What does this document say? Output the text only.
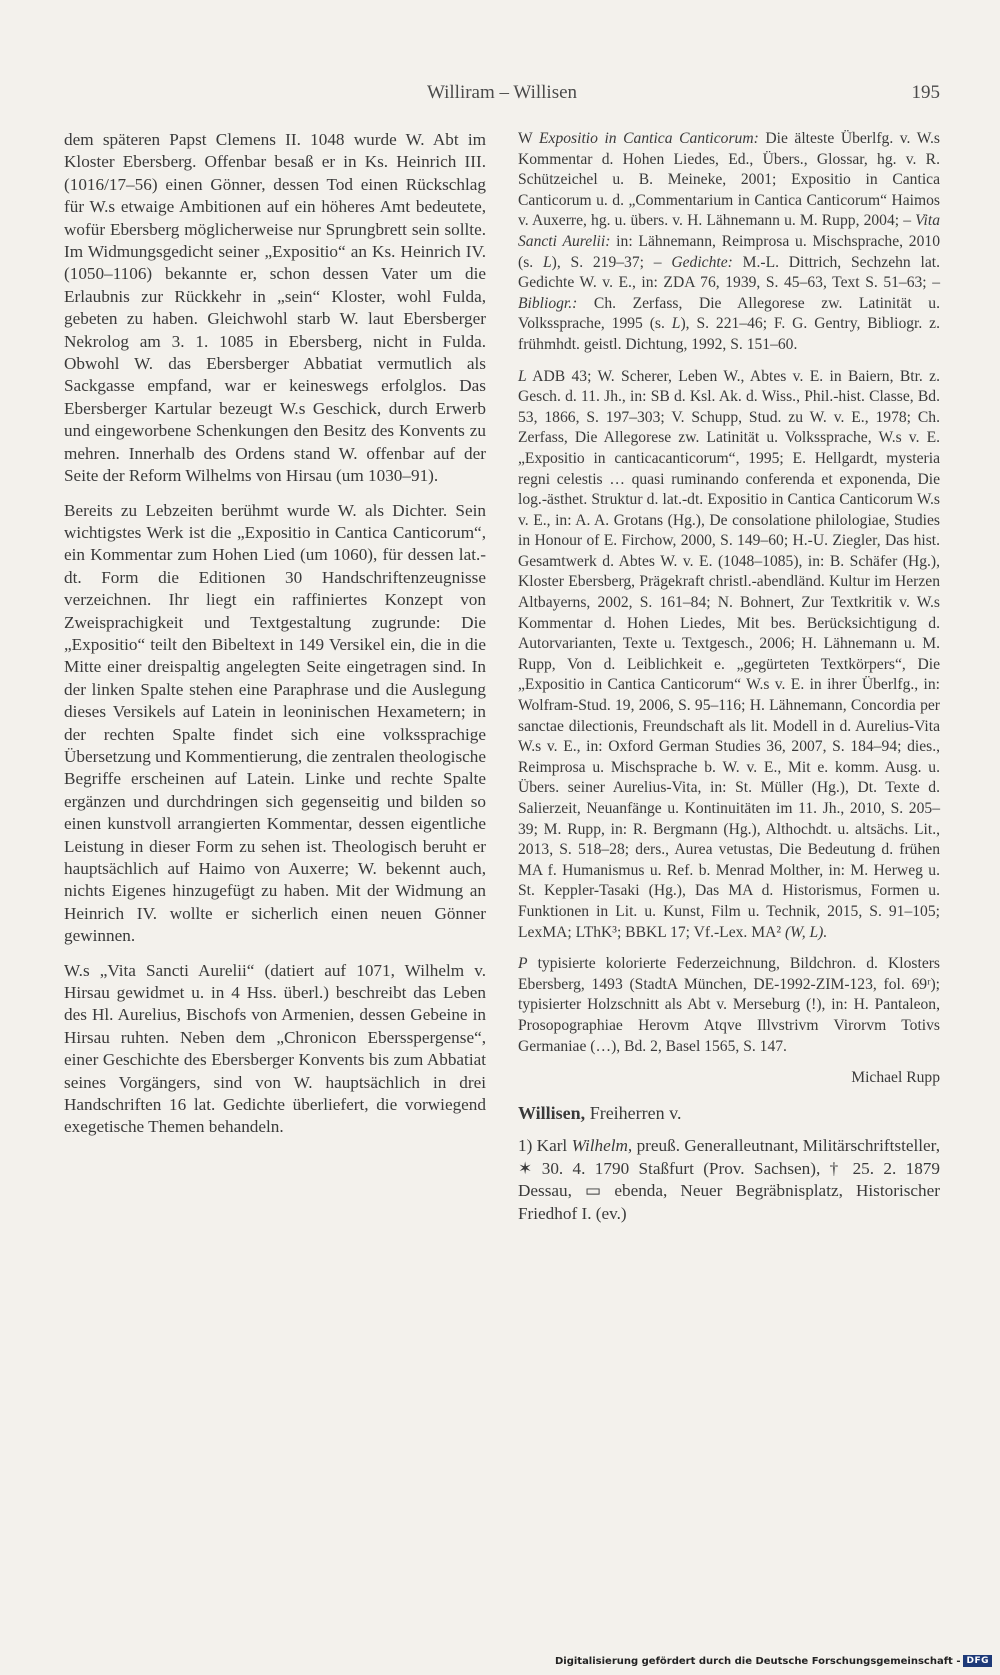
Williram – Willisen	195

dem späteren Papst Clemens II. 1048 wurde W. Abt im Kloster Ebersberg. Offenbar besaß er in Ks. Heinrich III. (1016/17–56) einen Gönner, dessen Tod einen Rückschlag für W.s etwaige Ambitionen auf ein höheres Amt bedeutete, wofür Ebersberg möglicherweise nur Sprungbrett sein sollte. Im Widmungsgedicht seiner „Expositio“ an Ks. Heinrich IV. (1050–1106) bekannte er, schon dessen Vater um die Erlaubnis zur Rückkehr in „sein“ Kloster, wohl Fulda, gebeten zu haben. Gleichwohl starb W. laut Ebersberger Nekrolog am 3. 1. 1085 in Ebersberg, nicht in Fulda. Obwohl W. das Ebersberger Abbatiat vermutlich als Sackgasse empfand, war er keineswegs erfolglos. Das Ebersberger Kartular bezeugt W.s Geschick, durch Erwerb und eingeworbene Schenkungen den Besitz des Konvents zu mehren. Innerhalb des Ordens stand W. offenbar auf der Seite der Reform Wilhelms von Hirsau (um 1030–91).

Bereits zu Lebzeiten berühmt wurde W. als Dichter. Sein wichtigstes Werk ist die „Expositio in Cantica Canticorum“, ein Kommentar zum Hohen Lied (um 1060), für dessen lat.-dt. Form die Editionen 30 Handschriftenzeugnisse verzeichnen. Ihr liegt ein raffiniertes Konzept von Zweisprachigkeit und Textgestaltung zugrunde: Die „Expositio“ teilt den Bibeltext in 149 Versikel ein, die in die Mitte einer dreispaltig angelegten Seite eingetragen sind. In der linken Spalte stehen eine Paraphrase und die Auslegung dieses Versikels auf Latein in leoninischen Hexametern; in der rechten Spalte findet sich eine volkssprachige Übersetzung und Kommentierung, die zentralen theologische Begriffe erscheinen auf Latein. Linke und rechte Spalte ergänzen und durchdringen sich gegenseitig und bilden so einen kunstvoll arrangierten Kommentar, dessen eigentliche Leistung in dieser Form zu sehen ist. Theologisch beruht er hauptsächlich auf Haimo von Auxerre; W. bekennt auch, nichts Eigenes hinzugefügt zu haben. Mit der Widmung an Heinrich IV. wollte er sicherlich einen neuen Gönner gewinnen.

W.s „Vita Sancti Aurelii“ (datiert auf 1071, Wilhelm v. Hirsau gewidmet u. in 4 Hss. überl.) beschreibt das Leben des Hl. Aurelius, Bischofs von Armenien, dessen Gebeine in Hirsau ruhten. Neben dem „Chronicon Ebersspergense“, einer Geschichte des Ebersberger Konvents bis zum Abbatiat seines Vorgängers, sind von W. hauptsächlich in drei Handschriften 16 lat. Gedichte überliefert, die vorwiegend exegetische Themen behandeln.

W Expositio in Cantica Canticorum: Die älteste Überlfg. v. W.s Kommentar d. Hohen Liedes, Ed., Übers., Glossar, hg. v. R. Schützeichel u. B. Meineke, 2001; Expositio in Cantica Canticorum u. d. „Commentarium in Cantica Canticorum“ Haimos v. Auxerre, hg. u. übers. v. H. Lähnemann u. M. Rupp, 2004; – Vita Sancti Aurelii: in: Lähnemann, Reimprosa u. Mischsprache, 2010 (s. L), S. 219–37; – Gedichte: M.-L. Dittrich, Sechzehn lat. Gedichte W. v. E., in: ZDA 76, 1939, S. 45–63, Text S. 51–63; – Bibliogr.: Ch. Zerfass, Die Allegorese zw. Latinität u. Volkssprache, 1995 (s. L), S. 221–46; F. G. Gentry, Bibliogr. z. frühmhdt. geistl. Dichtung, 1992, S. 151–60.

L ADB 43; W. Scherer, Leben W., Abtes v. E. in Baiern, Btr. z. Gesch. d. 11. Jh., in: SB d. Ksl. Ak. d. Wiss., Phil.-hist. Classe, Bd. 53, 1866, S. 197–303; V. Schupp, Stud. zu W. v. E., 1978; Ch. Zerfass, Die Allegorese zw. Latinität u. Volkssprache, W.s v. E. „Expositio in canticacanticorum“, 1995; E. Hellgardt, mysteria regni celestis … quasi ruminando conferenda et exponenda, Die log.-ästhet. Struktur d. lat.-dt. Expositio in Cantica Canticorum W.s v. E., in: A. A. Grotans (Hg.), De consolatione philologiae, Studies in Honour of E. Firchow, 2000, S. 149–60; H.-U. Ziegler, Das hist. Gesamtwerk d. Abtes W. v. E. (1048–1085), in: B. Schäfer (Hg.), Kloster Ebersberg, Prägekraft christl.-abendländ. Kultur im Herzen Altbayerns, 2002, S. 161–84; N. Bohnert, Zur Textkritik v. W.s Kommentar d. Hohen Liedes, Mit bes. Berücksichtigung d. Autorvarianten, Texte u. Textgesch., 2006; H. Lähnemann u. M. Rupp, Von d. Leiblichkeit e. „gegürteten Textkörpers“, Die „Expositio in Cantica Canticorum“ W.s v. E. in ihrer Überlfg., in: Wolfram-Stud. 19, 2006, S. 95–116; H. Lähnemann, Concordia per sanctae dilectionis, Freundschaft als lit. Modell in d. Aurelius-Vita W.s v. E., in: Oxford German Studies 36, 2007, S. 184–94; dies., Reimprosa u. Mischsprache b. W. v. E., Mit e. komm. Ausg. u. Übers. seiner Aurelius-Vita, in: St. Müller (Hg.), Dt. Texte d. Salierzeit, Neuanfänge u. Kontinuitäten im 11. Jh., 2010, S. 205–39; M. Rupp, in: R. Bergmann (Hg.), Althochdt. u. altsächs. Lit., 2013, S. 518–28; ders., Aurea vetustas, Die Bedeutung d. frühen MA f. Humanismus u. Ref. b. Menrad Molther, in: M. Herweg u. St. Keppler-Tasaki (Hg.), Das MA d. Historismus, Formen u. Funktionen in Lit. u. Kunst, Film u. Technik, 2015, S. 91–105; LexMA; LThK³; BBKL 17; Vf.-Lex. MA² (W, L).

P typisierte kolorierte Federzeichnung, Bildchron. d. Klosters Ebersberg, 1493 (StadtA München, DE-1992-ZIM-123, fol. 69ʳ); typisierter Holzschnitt als Abt v. Merseburg (!), in: H. Pantaleon, Prosopographiae Herovm Atqve Illvstrivm Virorvm Totivs Germaniae (…), Bd. 2, Basel 1565, S. 147.

Michael Rupp
Willisen, Freiherren v.
1) Karl Wilhelm, preuß. Generalleutnant, Militärschriftsteller, ✶ 30. 4. 1790 Staßfurt (Prov. Sachsen), † 25. 2. 1879 Dessau, ▭ ebenda, Neuer Begräbnisplatz, Historischer Friedhof I. (ev.)
Digitalisierung gefördert durch die Deutsche Forschungsgemeinschaft - DFG
